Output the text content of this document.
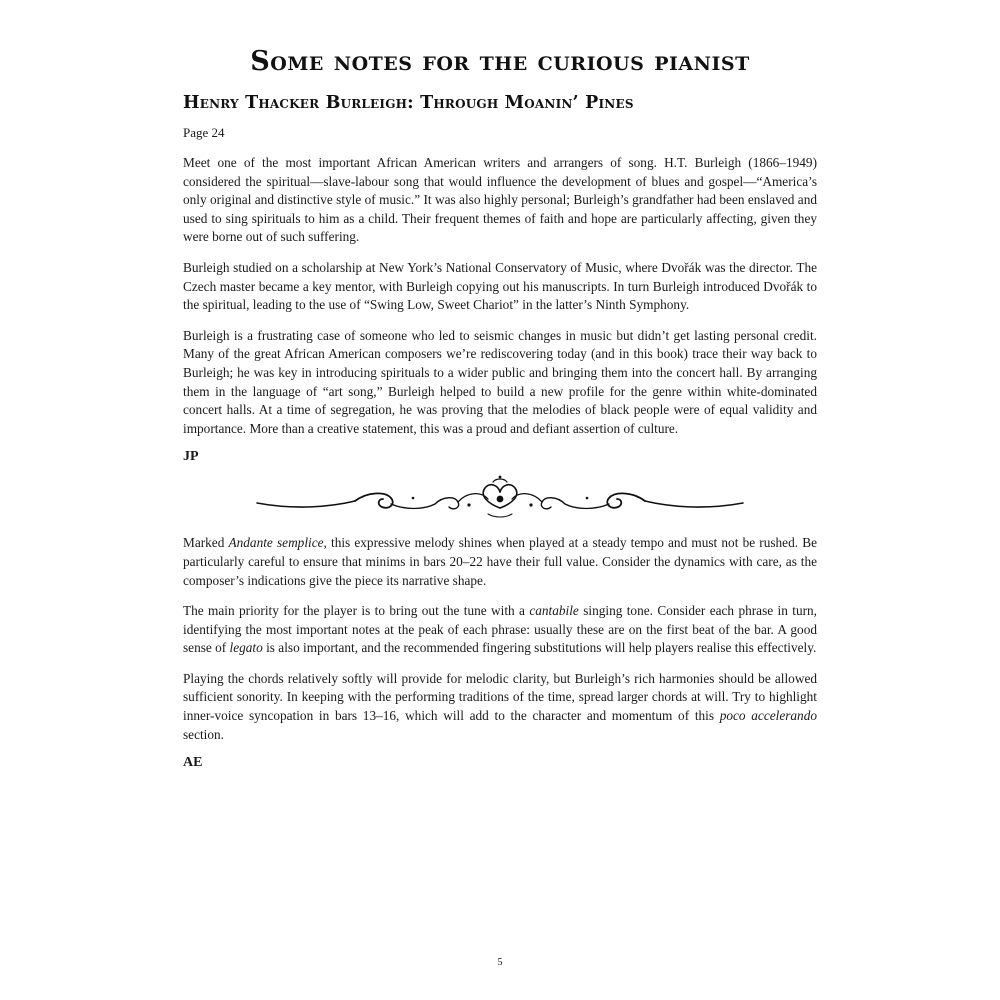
Some notes for the curious pianist
Henry Thacker Burleigh: Through Moanin’ Pines
Page 24

Meet one of the most important African American writers and arrangers of song. H.T. Burleigh (1866–1949) considered the spiritual—slave-labour song that would influence the development of blues and gospel—“America’s only original and distinctive style of music.” It was also highly personal; Burleigh’s grandfather had been enslaved and used to sing spirituals to him as a child. Their frequent themes of faith and hope are particularly affecting, given they were borne out of such suffering.

Burleigh studied on a scholarship at New York’s National Conservatory of Music, where Dvořák was the director. The Czech master became a key mentor, with Burleigh copying out his manuscripts. In turn Burleigh introduced Dvořák to the spiritual, leading to the use of “Swing Low, Sweet Chariot” in the latter’s Ninth Symphony.

Burleigh is a frustrating case of someone who led to seismic changes in music but didn’t get lasting personal credit. Many of the great African American composers we’re rediscovering today (and in this book) trace their way back to Burleigh; he was key in introducing spirituals to a wider public and bringing them into the concert hall. By arranging them in the language of “art song,” Burleigh helped to build a new profile for the genre within white-dominated concert halls. At a time of segregation, he was proving that the melodies of black people were of equal validity and importance. More than a creative statement, this was a proud and defiant assertion of culture.

JP

Marked Andante semplice, this expressive melody shines when played at a steady tempo and must not be rushed. Be particularly careful to ensure that minims in bars 20–22 have their full value. Consider the dynamics with care, as the composer’s indications give the piece its narrative shape.

The main priority for the player is to bring out the tune with a cantabile singing tone. Consider each phrase in turn, identifying the most important notes at the peak of each phrase: usually these are on the first beat of the bar. A good sense of legato is also important, and the recommended fingering substitutions will help players realise this effectively.

Playing the chords relatively softly will provide for melodic clarity, but Burleigh’s rich harmonies should be allowed sufficient sonority. In keeping with the performing traditions of the time, spread larger chords at will. Try to highlight inner-voice syncopation in bars 13–16, which will add to the character and momentum of this poco accelerando section.

AE
5
